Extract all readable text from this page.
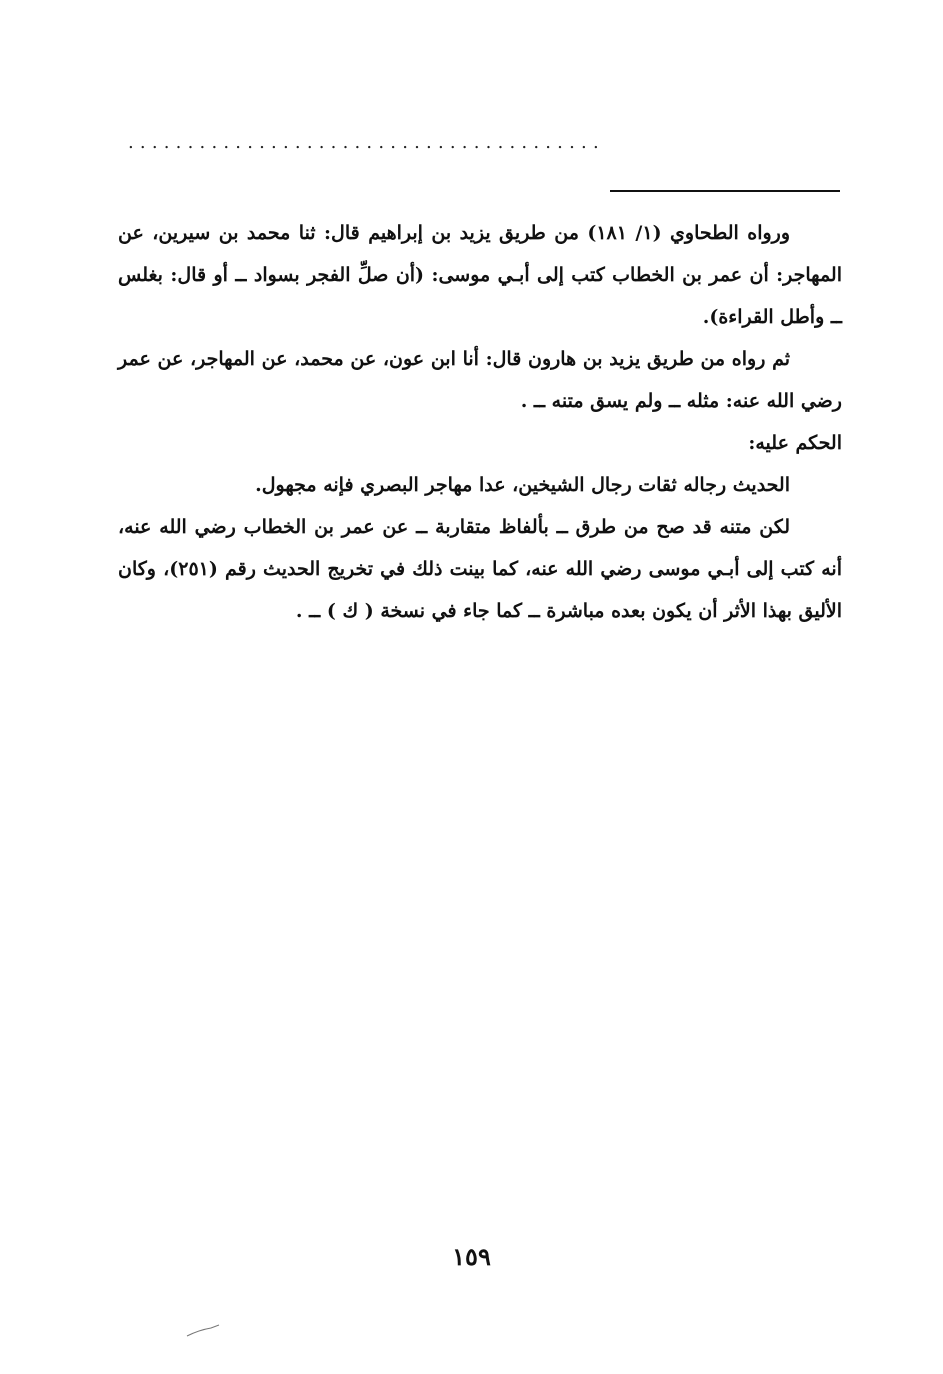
........................................

ورواه الطحاوي (١/ ١٨١) من طريق يزيد بن إبراهيم قال: ثنا محمد بن سيرين، عن المهاجر: أن عمر بن الخطاب كتب إلى أبـي موسى: (أن صلِّ الفجر بسواد ــ أو قال: بغلس ــ وأطل القراءة).

ثم رواه من طريق يزيد بن هارون قال: أنا ابن عون، عن محمد، عن المهاجر، عن عمر رضي الله عنه: مثله ــ ولم يسق متنه ــ .

الحكم عليه:

الحديث رجاله ثقات رجال الشيخين، عدا مهاجر البصري فإنه مجهول.

لكن متنه قد صح من طرق ــ بألفاظ متقاربة ــ عن عمر بن الخطاب رضي الله عنه، أنه كتب إلى أبـي موسى رضي الله عنه، كما بينت ذلك في تخريج الحديث رقم (٢٥١)، وكان الأليق بهذا الأثر أن يكون بعده مباشرة ــ كما جاء في نسخة ( ك ) ــ .

١٥٩
